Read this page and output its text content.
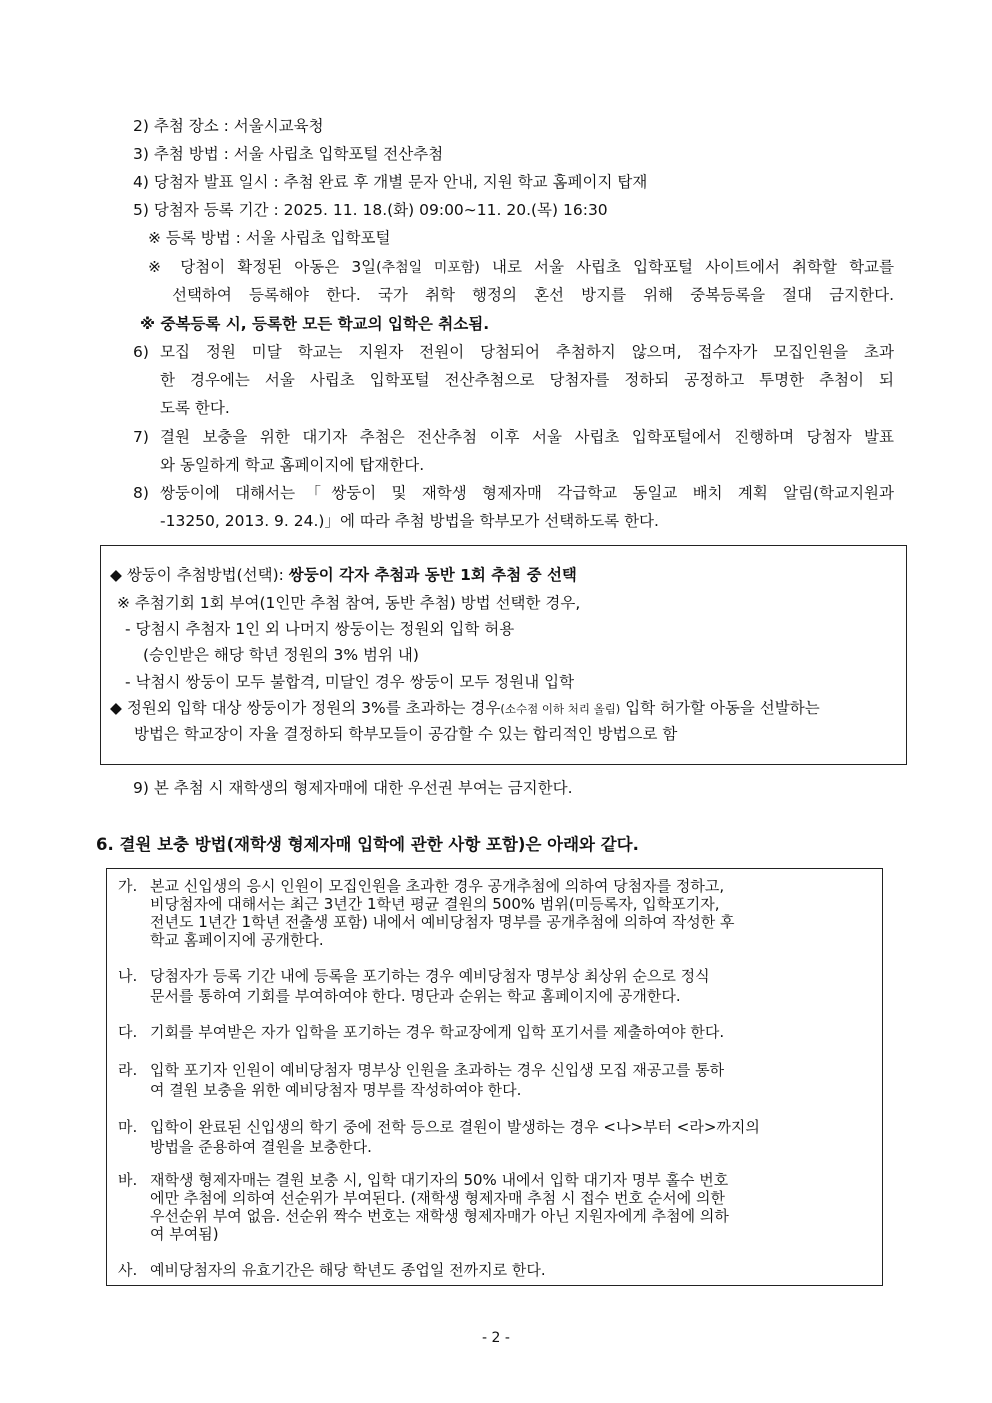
2) 추첨 장소 : 서울시교육청
3) 추첨 방법 : 서울 사립초 입학포털 전산추첨
4) 당첨자 발표 일시 : 추첨 완료 후 개별 문자 안내, 지원 학교 홈페이지 탑재
5) 당첨자 등록 기간 : 2025. 11. 18.(화) 09:00∼11. 20.(목) 16:30
※ 등록 방법 : 서울 사립초 입학포털
※ 당첨이 확정된 아동은 3일(추첨일 미포함) 내로 서울 사립초 입학포털 사이트에서 취학할 학교를
선택하여 등록해야 한다. 국가 취학 행정의 혼선 방지를 위해 중복등록을 절대 금지한다.
※ 중복등록 시, 등록한 모든 학교의 입학은 취소됨.
6) 모집 정원 미달 학교는 지원자 전원이 당첨되어 추첨하지 않으며, 접수자가 모집인원을 초과
한 경우에는 서울 사립초 입학포털 전산추첨으로 당첨자를 정하되 공정하고 투명한 추첨이 되
도록 한다.
7) 결원 보충을 위한 대기자 추첨은 전산추첨 이후 서울 사립초 입학포털에서 진행하며 당첨자 발표
와 동일하게 학교 홈페이지에 탑재한다.
8) 쌍둥이에 대해서는「쌍둥이 및 재학생 형제자매 각급학교 동일교 배치 계획 알림(학교지원과
-13250, 2013. 9. 24.)」에 따라 추첨 방법을 학부모가 선택하도록 한다.
◆ 쌍둥이 추첨방법(선택): 쌍둥이 각자 추첨과 동반 1회 추첨 중 선택
※ 추첨기회 1회 부여(1인만 추첨 참여, 동반 추첨) 방법 선택한 경우,
- 당첨시 추첨자 1인 외 나머지 쌍둥이는 정원외 입학 허용
(승인받은 해당 학년 정원의 3% 범위 내)
- 낙첨시 쌍둥이 모두 불합격, 미달인 경우 쌍둥이 모두 정원내 입학
◆ 정원외 입학 대상 쌍둥이가 정원의 3%를 초과하는 경우(소수점 이하 처리 올림) 입학 허가할 아동을 선발하는
방법은 학교장이 자율 결정하되 학부모들이 공감할 수 있는 합리적인 방법으로 함
9) 본 추첨 시 재학생의 형제자매에 대한 우선권 부여는 금지한다.
6. 결원 보충 방법(재학생 형제자매 입학에 관한 사항 포함)은 아래와 같다.
가. 본교 신입생의 응시 인원이 모집인원을 초과한 경우 공개추첨에 의하여 당첨자를 정하고,
비당첨자에 대해서는 최근 3년간 1학년 평균 결원의 500% 범위(미등록자, 입학포기자,
전년도 1년간 1학년 전출생 포함) 내에서 예비당첨자 명부를 공개추첨에 의하여 작성한 후
학교 홈페이지에 공개한다.
나. 당첨자가 등록 기간 내에 등록을 포기하는 경우 예비당첨자 명부상 최상위 순으로 정식
문서를 통하여 기회를 부여하여야 한다. 명단과 순위는 학교 홈페이지에 공개한다.
다. 기회를 부여받은 자가 입학을 포기하는 경우 학교장에게 입학 포기서를 제출하여야 한다.
라. 입학 포기자 인원이 예비당첨자 명부상 인원을 초과하는 경우 신입생 모집 재공고를 통하
여 결원 보충을 위한 예비당첨자 명부를 작성하여야 한다.
마. 입학이 완료된 신입생의 학기 중에 전학 등으로 결원이 발생하는 경우 <나>부터 <라>까지의
방법을 준용하여 결원을 보충한다.
바. 재학생 형제자매는 결원 보충 시, 입학 대기자의 50% 내에서 입학 대기자 명부 홀수 번호
에만 추첨에 의하여 선순위가 부여된다. (재학생 형제자매 추첨 시 접수 번호 순서에 의한
우선순위 부여 없음. 선순위 짝수 번호는 재학생 형제자매가 아닌 지원자에게 추첨에 의하
여 부여됨)
사. 예비당첨자의 유효기간은 해당 학년도 종업일 전까지로 한다.
- 2 -
